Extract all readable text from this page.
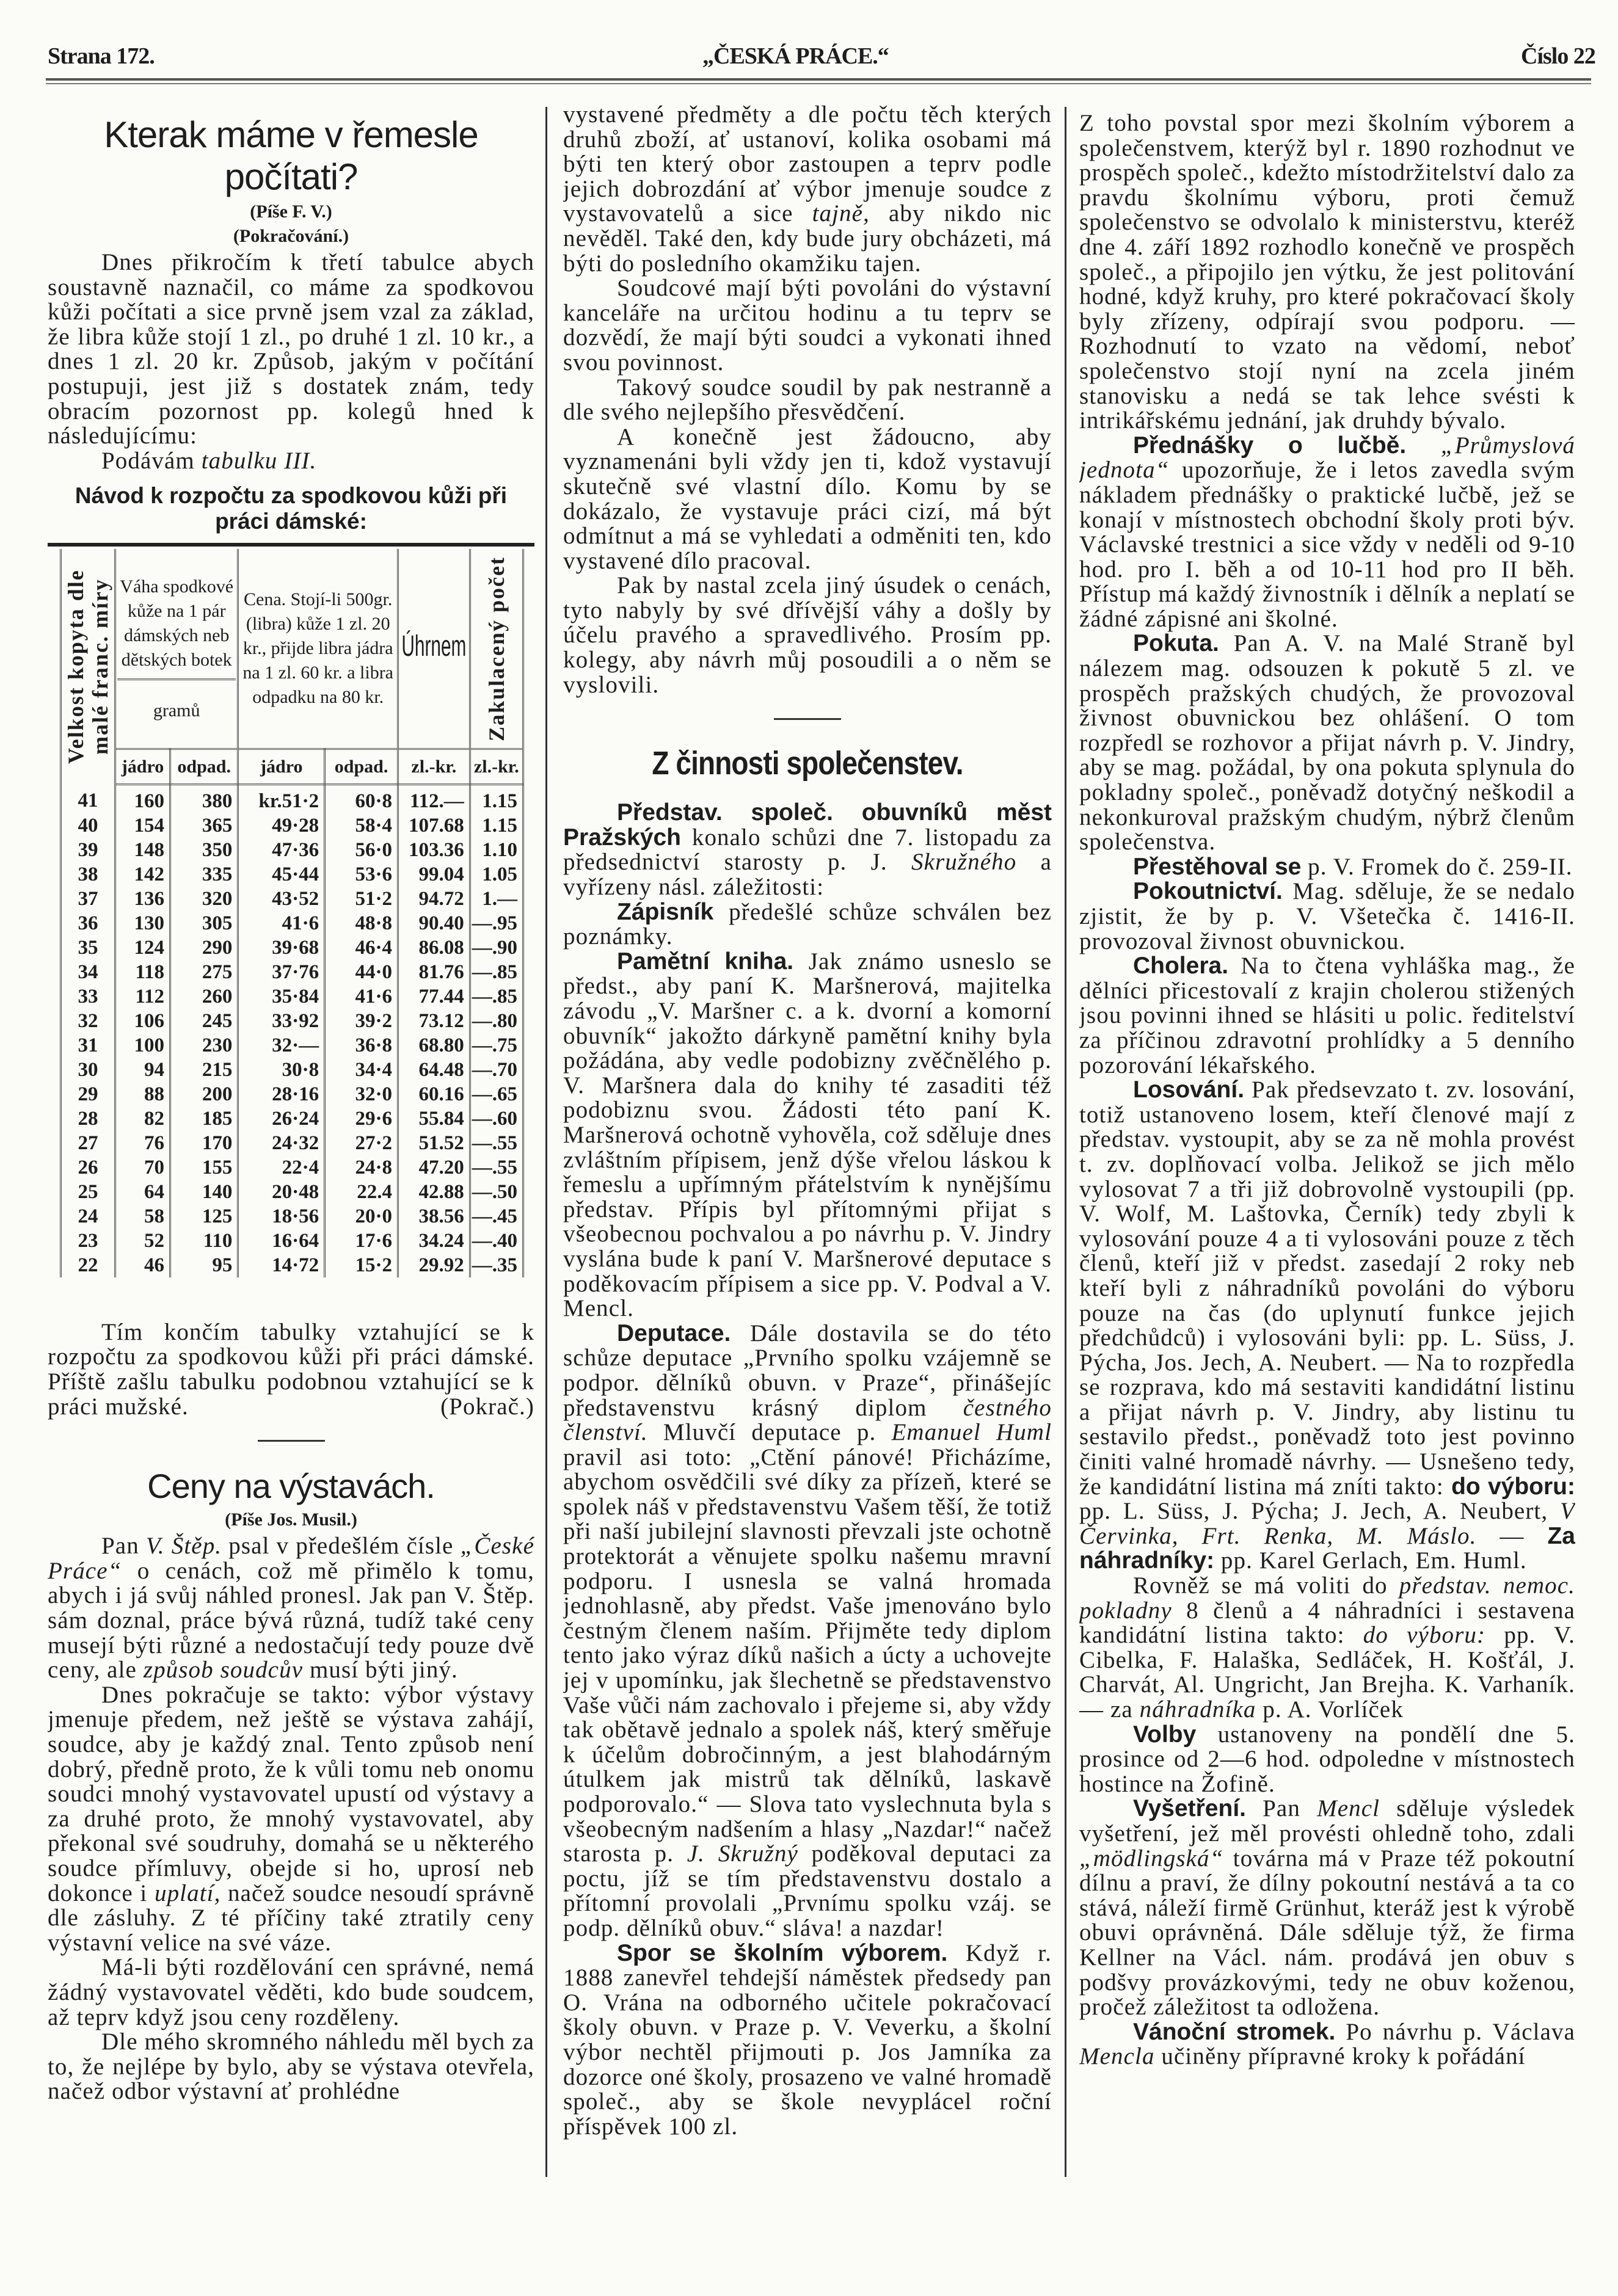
Strana 172.	„ČESKÁ PRÁCE.“	Číslo 22
Kterak máme v řemesle počítati?
(Píše F. V.)
(Pokračování.)

Dnes přikročím k třetí tabulce abych soustavně naznačil, co máme za spodkovou kůži počítati a sice prvně jsem vzal za základ, že libra kůže stojí 1 zl., po druhé 1 zl. 10 kr., a dnes 1 zl. 20 kr. Způsob, jakým v počítání postupuji, jest již s dostatek znám, tedy obracím pozornost pp. kolegů hned k následujícímu:

Podávám tabulku III.

Návod k rozpočtu za spodkovou kůži při práci dámské:
Velkost kopyta dle malé franc. míry	Váha spodkové kůže na 1 pár dámských neb dětských botek
gramů		Cena. Stojí-li 500gr. (libra) kůže 1 zl. 20 kr., přijde libra jádra na 1 zl. 60 kr. a libra odpadku na 80 kr.		Úhrnem	Zakulacený počet

	jádro	odpad.	jádro	odpad.	zl.-kr.	zl.-kr.
41	160	380	kr.51·2	60·8	112.—	1.15
40	154	365	49·28	58·4	107.68	1.15
39	148	350	47·36	56·0	103.36	1.10
38	142	335	45·44	53·6	99.04	1.05
37	136	320	43·52	51·2	94.72	1.—
36	130	305	41·6	48·8	90.40	—.95
35	124	290	39·68	46·4	86.08	—.90
34	118	275	37·76	44·0	81.76	—.85
33	112	260	35·84	41·6	77.44	—.85
32	106	245	33·92	39·2	73.12	—.80
31	100	230	32·—	36·8	68.80	—.75
30	94	215	30·8	34·4	64.48	—.70
29	88	200	28·16	32·0	60.16	—.65
28	82	185	26·24	29·6	55.84	—.60
27	76	170	24·32	27·2	51.52	—.55
26	70	155	22·4	24·8	47.20	—.55
25	64	140	20·48	22.4	42.88	—.50
24	58	125	18·56	20·0	38.56	—.45
23	52	110	16·64	17·6	34.24	—.40
22	46	95	14·72	15·2	29.92	—.35

Tím končím tabulky vztahující se k rozpočtu za spodkovou kůži při práci dámské. Příště zašlu tabulku podobnou vztahující se k práci mužské.	(Pokrač.)

Ceny na výstavách.
(Píše Jos. Musil.)

Pan V. Štěp. psal v předešlém čísle „České Práce“ o cenách, což mě přimělo k tomu, abych i já svůj náhled pronesl. Jak pan V. Štěp. sám doznal, práce bývá různá, tudíž také ceny musejí býti různé a nedostačují tedy pouze dvě ceny, ale způsob soudcův musí býti jiný.

Dnes pokračuje se takto: výbor výstavy jmenuje předem, než ještě se výstava zahájí, soudce, aby je každý znal. Tento způsob není dobrý, předně proto, že k vůli tomu neb onomu soudci mnohý vystavovatel upustí od výstavy a za druhé proto, že mnohý vystavovatel, aby překonal své soudruhy, domahá se u některého soudce přímluvy, obejde si ho, uprosí neb dokonce i uplatí, načež soudce nesoudí správně dle zásluhy. Z té příčiny také ztratily ceny výstavní velice na své váze.

Má-li býti rozdělování cen správné, nemá žádný vystavovatel věděti, kdo bude soudcem, až teprv když jsou ceny rozděleny.

Dle mého skromného náhledu měl bych za to, že nejlépe by bylo, aby se výstava otevřela, načež odbor výstavní ať prohlédne

vystavené předměty a dle počtu těch kterých druhů zboží, ať ustanoví, kolika osobami má býti ten který obor zastoupen a teprv podle jejich dobrozdání ať výbor jmenuje soudce z vystavovatelů a sice tajně, aby nikdo nic nevěděl. Také den, kdy bude jury obcházeti, má býti do posledního okamžiku tajen.

Soudcové mají býti povoláni do výstavní kanceláře na určitou hodinu a tu teprv se dozvědí, že mají býti soudci a vykonati ihned svou povinnost.

Takový soudce soudil by pak nestranně a dle svého nejlepšího přesvědčení.

A konečně jest žádoucno, aby vyznamenáni byli vždy jen ti, kdož vystavují skutečně své vlastní dílo. Komu by se dokázalo, že vystavuje práci cizí, má být odmítnut a má se vyhledati a odměniti ten, kdo vystavené dílo pracoval.

Pak by nastal zcela jiný úsudek o cenách, tyto nabyly by své dřívější váhy a došly by účelu pravého a spravedlivého. Prosím pp. kolegy, aby návrh můj posoudili a o něm se vyslovili.

Z činnosti společenstev.

Představ. společ. obuvníků měst Pražských konalo schůzi dne 7. listopadu za předsednictví starosty p. J. Skružného a vyřízeny násl. záležitosti:

Zápisník předešlé schůze schválen bez poznámky.

Pamětní kniha. Jak známo usneslo se předst., aby paní K. Maršnerová, majitelka závodu „V. Maršner c. a k. dvorní a komorní obuvník“ jakožto dárkyně pamětní knihy byla požádána, aby vedle podobizny zvěčnělého p. V. Maršnera dala do knihy té zasaditi též podobiznu svou. Žádosti této paní K. Maršnerová ochotně vyhověla, což sděluje dnes zvláštním přípisem, jenž dýše vřelou láskou k řemeslu a upřímným přátelstvím k nynějšímu představ. Přípis byl přítomnými přijat s všeobecnou pochvalou a po návrhu p. V. Jindry vyslána bude k paní V. Maršnerové deputace s poděkovacím přípisem a sice pp. V. Podval a V. Mencl.

Deputace. Dále dostavila se do této schůze deputace „Prvního spolku vzájemně se podpor. dělníků obuvn. v Praze“, přinášejíc představenstvu krásný diplom čestného členství. Mluvčí deputace p. Emanuel Huml pravil asi toto: „Ctění pánové! Přicházíme, abychom osvědčili své díky za přízeň, které se spolek náš v představenstvu Vašem těší, že totiž při naší jubilejní slavnosti převzali jste ochotně protektorát a věnujete spolku našemu mravní podporu. I usnesla se valná hromada jednohlasně, aby předst. Vaše jmenováno bylo čestným členem naším. Přijměte tedy diplom tento jako výraz díků našich a úcty a uchovejte jej v upomínku, jak šlechetně se představenstvo Vaše vůči nám zachovalo i přejeme si, aby vždy tak obětavě jednalo a spolek náš, který směřuje k účelům dobročinným, a jest blahodárným útulkem jak mistrů tak dělníků, laskavě podporovalo.“ — Slova tato vyslechnuta byla s všeobecným nadšením a hlasy „Nazdar!“ načež starosta p. J. Skružný poděkoval deputaci za poctu, jíž se tím představenstvu dostalo a přítomní provolali „Prvnímu spolku vzáj. se podp. dělníků obuv.“ sláva! a nazdar!

Spor se školním výborem. Když r. 1888 zanevřel tehdejší náměstek předsedy pan O. Vrána na odborného učitele pokračovací školy obuvn. v Praze p. V. Veverku, a školní výbor nechtěl přijmouti p. Jos Jamníka za dozorce oné školy, prosazeno ve valné hromadě společ., aby se škole nevyplácel roční příspěvek 100 zl.

Z toho povstal spor mezi školním výborem a společenstvem, kterýž byl r. 1890 rozhodnut ve prospěch společ., kdežto místodržitelství dalo za pravdu školnímu výboru, proti čemuž společenstvo se odvolalo k ministerstvu, kteréž dne 4. září 1892 rozhodlo konečně ve prospěch společ., a připojilo jen výtku, že jest politování hodné, když kruhy, pro které pokračovací školy byly zřízeny, odpírají svou podporu. — Rozhodnutí to vzato na vědomí, neboť společenstvo stojí nyní na zcela jiném stanovisku a nedá se tak lehce svésti k intrikářskému jednání, jak druhdy bývalo.

Přednášky o lučbě. „Průmyslová jednota“ upozorňuje, že i letos zavedla svým nákladem přednášky o praktické lučbě, jež se konají v místnostech obchodní školy proti býv. Václavské trestnici a sice vždy v neděli od 9-10 hod. pro I. běh a od 10-11 hod pro II běh. Přístup má každý živnostník i dělník a neplatí se žádné zápisné ani školné.

Pokuta. Pan A. V. na Malé Straně byl nálezem mag. odsouzen k pokutě 5 zl. ve prospěch pražských chudých, že provozoval živnost obuvnickou bez ohlášení. O tom rozpředl se rozhovor a přijat návrh p. V. Jindry, aby se mag. požádal, by ona pokuta splynula do pokladny společ., poněvadž dotyčný neškodil a nekonkuroval pražským chudým, nýbrž členům společenstva.

Přestěhoval se p. V. Fromek do č. 259-II.

Pokoutnictví. Mag. sděluje, že se nedalo zjistit, že by p. V. Všetečka č. 1416-II. provozoval živnost obuvnickou.

Cholera. Na to čtena vyhláška mag., že dělníci přicestovalí z krajin cholerou stižených jsou povinni ihned se hlásiti u polic. ředitelství za příčinou zdravotní prohlídky a 5 denního pozorování lékařského.

Losování. Pak předsevzato t. zv. losování, totiž ustanoveno losem, kteří členové mají z představ. vystoupit, aby se za ně mohla provést t. zv. doplňovací volba. Jelikož se jich mělo vylosovat 7 a tři již dobrovolně vystoupili (pp. V. Wolf, M. Laštovka, Černík) tedy zbyli k vylosování pouze 4 a ti vylosováni pouze z těch členů, kteří již v předst. zasedají 2 roky neb kteří byli z náhradníků povoláni do výboru pouze na čas (do uplynutí funkce jejich předchůdců) i vylosováni byli: pp. L. Süss, J. Pýcha, Jos. Jech, A. Neubert. — Na to rozpředla se rozprava, kdo má sestaviti kandidátní listinu a přijat návrh p. V. Jindry, aby listinu tu sestavilo předst., poněvadž toto jest povinno činiti valné hromadě návrhy. — Usnešeno tedy, že kandidátní listina má zníti takto: do výboru: pp. L. Süss, J. Pýcha; J. Jech, A. Neubert, V Červinka, Frt. Renka, M. Máslo. — Za náhradníky: pp. Karel Gerlach, Em. Huml.

Rovněž se má voliti do představ. nemoc. pokladny 8 členů a 4 náhradníci i sestavena kandidátní listina takto: do výboru: pp. V. Cibelka, F. Halaška, Sedláček, H. Košťál, J. Charvát, Al. Ungricht, Jan Brejha. K. Varhaník. — za náhradníka p. A. Vorlíček

Volby ustanoveny na pondělí dne 5. prosince od 2—6 hod. odpoledne v místnostech hostince na Žofině.

Vyšetření. Pan Mencl sděluje výsledek vyšetření, jež měl provésti ohledně toho, zdali „mödlingská“ továrna má v Praze též pokoutní dílnu a praví, že dílny pokoutní nestává a ta co stává, náleží firmě Grünhut, kteráž jest k výrobě obuvi oprávněná. Dále sděluje týž, že firma Kellner na Václ. nám. prodává jen obuv s podšvy provázkovými, tedy ne obuv koženou, pročež záležitost ta odložena.

Vánoční stromek. Po návrhu p. Václava Mencla učiněny přípravné kroky k pořádání
